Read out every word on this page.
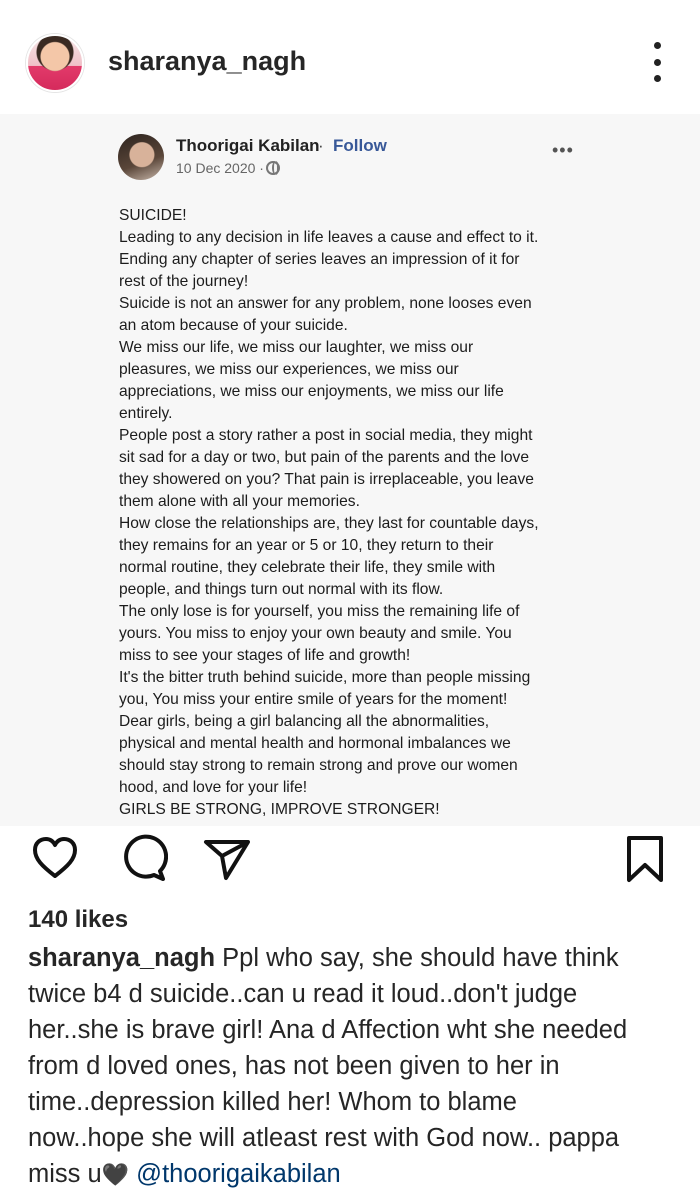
sharanya_nagh
Thoorigai Kabilan
· Follow
10 Dec 2020 ·
•••
SUICIDE!
Leading to any decision in life leaves a cause and effect to it.
Ending any chapter of series leaves an impression of it for
rest of the journey!
Suicide is not an answer for any problem, none looses even
an atom because of your suicide.
We miss our life, we miss our laughter, we miss our
pleasures, we miss our experiences, we miss our
appreciations, we miss our enjoyments, we miss our life
entirely.
People post a story rather a post in social media, they might
sit sad for a day or two, but pain of the parents and the love
they showered on you? That pain is irreplaceable, you leave
them alone with all your memories.
How close the relationships are, they last for countable days,
they remains for an year or 5 or 10, they return to their
normal routine, they celebrate their life, they smile with
people, and things turn out normal with its flow.
The only lose is for yourself, you miss the remaining life of
yours. You miss to enjoy your own beauty and smile. You
miss to see your stages of life and growth!
It's the bitter truth behind suicide, more than people missing
you, You miss your entire smile of years for the moment!
Dear girls, being a girl balancing all the abnormalities,
physical and mental health and hormonal imbalances we
should stay strong to remain strong and prove our women
hood, and love for your life!
GIRLS BE STRONG, IMPROVE STRONGER!
140 likes
sharanya_nagh Ppl who say, she should have think
twice b4 d suicide..can u read it loud..don't judge
her..she is brave girl! Ana d Affection wht she needed
from d loved ones, has not been given to her in
time..depression killed her! Whom to blame
now..hope she will atleast rest with God now.. pappa
miss u🖤 @thoorigaikabilan
